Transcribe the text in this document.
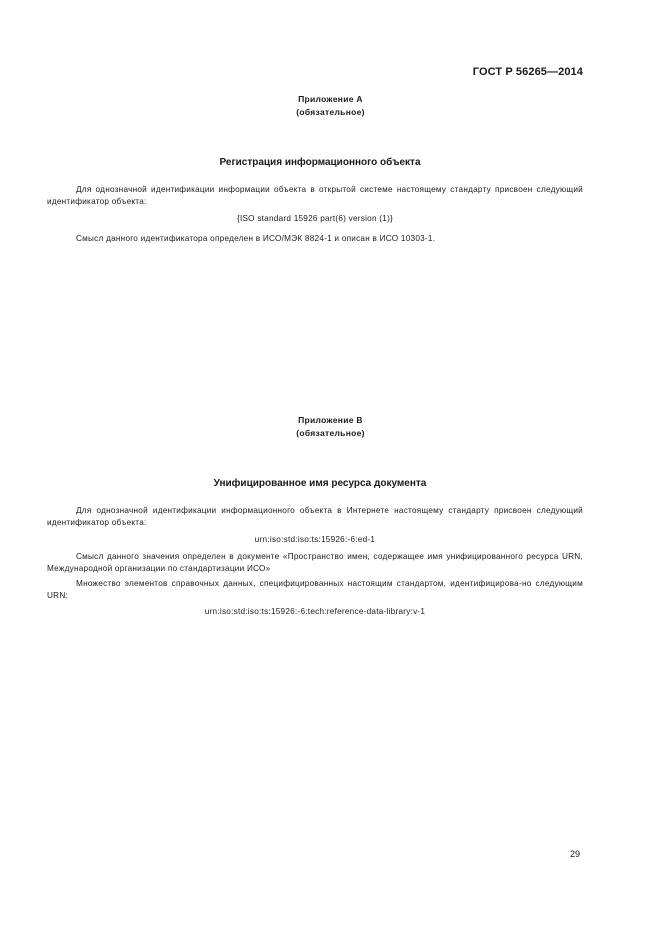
ГОСТ Р 56265—2014
Приложение А
(обязательное)
Регистрация информационного объекта
Для однозначной идентификации информации объекта в открытой системе настоящему стандарту присвоен следующий идентификатор объекта:
{ISO standard 15926 part(6) version (1)}
Смысл данного идентификатора определен в ИСО/МЭК 8824-1 и описан в ИСО 10303-1.
Приложение В
(обязательное)
Унифицированное имя ресурса документа
Для однозначной идентификации информационного объекта в Интернете настоящему стандарту присвоен следующий идентификатор объекта:
urn:iso:std:iso:ts:15926:-6:ed-1
Смысл данного значения определен в документе «Пространство имен, содержащее имя унифицированного ресурса URN, Международной организации по стандартизации ИСО»
Множество элементов справочных данных, специфицированных настоящим стандартом, идентифицирова-но следующим URN:
urn:iso:std:iso:ts:15926:-6:tech:reference-data-library:v-1
29
